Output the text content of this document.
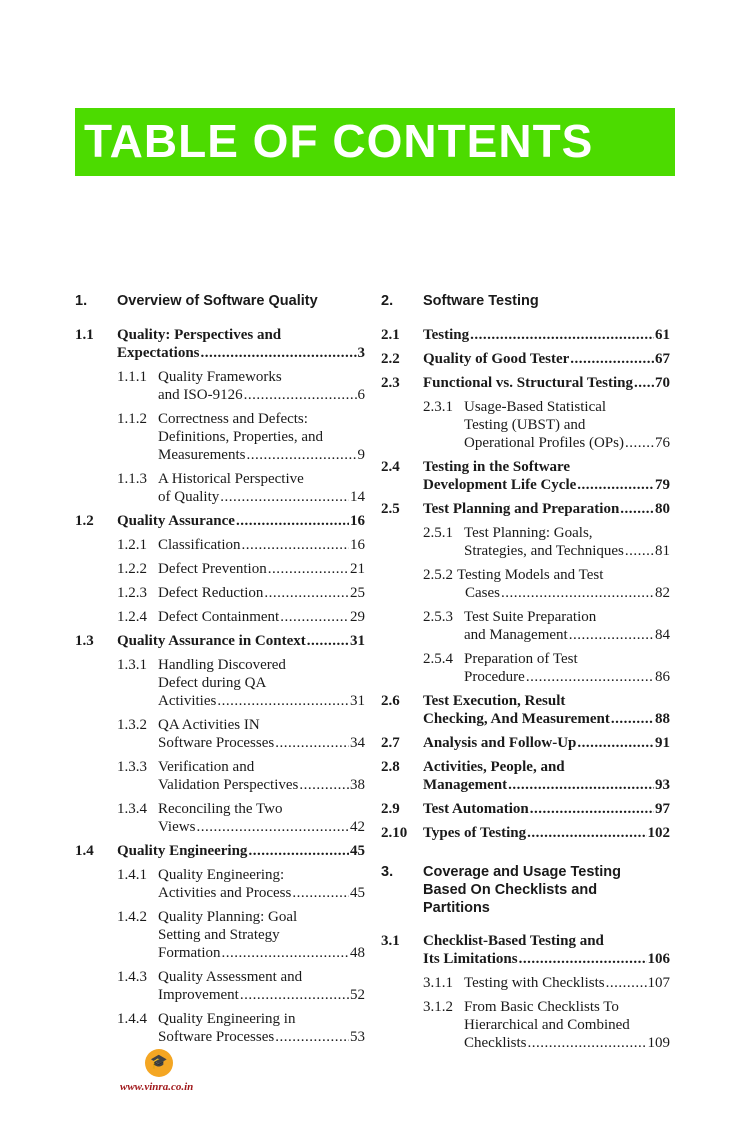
TABLE OF CONTENTS
1. Overview of Software Quality
1.1 Quality: Perspectives and
Expectations .....	3
1.1.1 Quality Frameworks
and ISO-9126 .....	6
1.1.2 Correctness and Defects:
Definitions, Properties, and
Measurements .....	9
1.1.3 A Historical Perspective
of Quality .....	14
1.2 Quality Assurance .....	16
1.2.1 Classification .....	16
1.2.2 Defect Prevention .....	21
1.2.3 Defect Reduction .....	25
1.2.4 Defect Containment .....	29
1.3 Quality Assurance in Context .....	31
1.3.1 Handling Discovered
Defect during QA
Activities .....	31
1.3.2 QA Activities IN
Software Processes .....	34
1.3.3 Verification and
Validation Perspectives .....	38
1.3.4 Reconciling the Two
Views .....	42
1.4 Quality Engineering .....	45
1.4.1 Quality Engineering:
Activities and Process .....	45
1.4.2 Quality Planning: Goal
Setting and Strategy
Formation .....	48
1.4.3 Quality Assessment and
Improvement .....	52
1.4.4 Quality Engineering in
Software Processes .....	53
2. Software Testing
2.1 Testing .....	61
2.2 Quality of Good Tester .....	67
2.3 Functional vs. Structural Testing ..... 70
2.3.1 Usage-Based Statistical
Testing (UBST) and
Operational Profiles (OPs) ..... 76
2.4 Testing in the Software
Development Life Cycle .....	79
2.5 Test Planning and Preparation ..... 80
2.5.1 Test Planning: Goals,
Strategies, and Techniques ..... 81
2.5.2 Testing Models and Test
Cases .....	82
2.5.3 Test Suite Preparation
and Management .....	84
2.5.4 Preparation of Test
Procedure .....	86
2.6 Test Execution, Result
Checking, And Measurement .....	88
2.7 Analysis and Follow-Up .....	91
2.8 Activities, People, and
Management .....	93
2.9 Test Automation .....	97
2.10 Types of Testing .....	102
3. Coverage and Usage Testing
Based On Checklists and
Partitions
3.1 Checklist-Based Testing and
Its Limitations .....	106
3.1.1 Testing with Checklists .....	107
3.1.2 From Basic Checklists To
Hierarchical and Combined
Checklists .....	109
🎓
www.vinra.co.in
